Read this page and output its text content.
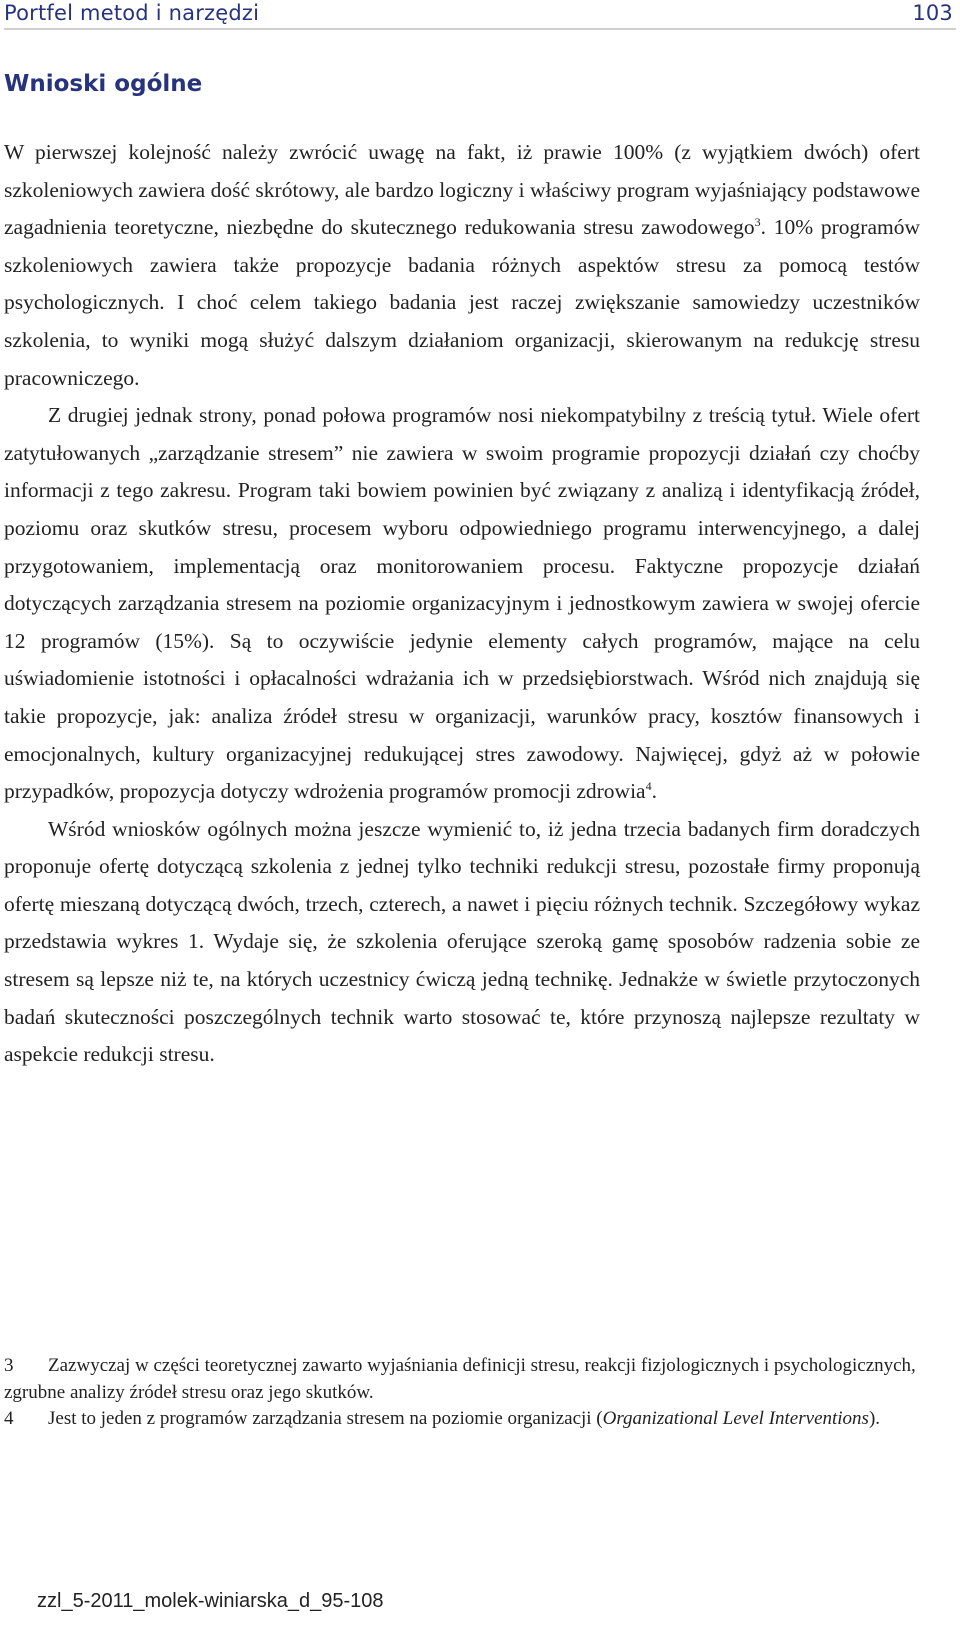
Portfel metod i narzędzi	103
Wnioski ogólne

W pierwszej kolejność należy zwrócić uwagę na fakt, iż prawie 100% (z wyjątkiem dwóch) ofert szkoleniowych zawiera dość skrótowy, ale bardzo logiczny i właściwy program wyjaśniający podstawowe zagadnienia teoretyczne, niezbędne do skutecznego redukowania stresu zawodowego$^3$. 10% programów szkoleniowych zawiera także propozycje badania różnych aspektów stresu za pomocą testów psychologicznych. I choć celem takiego badania jest raczej zwiększanie samowiedzy uczestników szkolenia, to wyniki mogą służyć dalszym działaniom organizacji, skierowanym na redukcję stresu pracowniczego.

Z drugiej jednak strony, ponad połowa programów nosi niekompatybilny z treścią tytuł. Wiele ofert zatytułowanych „zarządzanie stresem” nie zawiera w swoim programie propozycji działań czy choćby informacji z tego zakresu. Program taki bowiem powinien być związany z analizą i identyfikacją źródeł, poziomu oraz skutków stresu, procesem wyboru odpowiedniego programu interwencyjnego, a dalej przygotowaniem, implementacją oraz monitorowaniem procesu. Faktyczne propozycje działań dotyczących zarządzania stresem na poziomie organizacyjnym i jednostkowym zawiera w swojej ofercie 12 programów (15%). Są to oczywiście jedynie elementy całych programów, mające na celu uświadomienie istotności i opłacalności wdrażania ich w przedsiębiorstwach. Wśród nich znajdują się takie propozycje, jak: analiza źródeł stresu w organizacji, warunków pracy, kosztów finansowych i emocjonalnych, kultury organizacyjnej redukującej stres zawodowy. Najwięcej, gdyż aż w połowie przypadków, propozycja dotyczy wdrożenia programów promocji zdrowia$^4$.

Wśród wniosków ogólnych można jeszcze wymienić to, iż jedna trzecia badanych firm doradczych proponuje ofertę dotyczącą szkolenia z jednej tylko techniki redukcji stresu, pozostałe firmy proponują ofertę mieszaną dotyczącą dwóch, trzech, czterech, a nawet i pięciu różnych technik. Szczegółowy wykaz przedstawia wykres 1. Wydaje się, że szkolenia oferujące szeroką gamę sposobów radzenia sobie ze stresem są lepsze niż te, na których uczestnicy ćwiczą jedną technikę. Jednakże w świetle przytoczonych badań skuteczności poszczególnych technik warto stosować te, które przynoszą najlepsze rezultaty w aspekcie redukcji stresu.

3 Zazwyczaj w części teoretycznej zawarto wyjaśniania definicji stresu, reakcji fizjologicznych i psychologicznych, zgrubne analizy źródeł stresu oraz jego skutków.

4 Jest to jeden z programów zarządzania stresem na poziomie organizacji (Organizational Level Interventions).

zzl_5-2011_molek-winiarska_d_95-108
